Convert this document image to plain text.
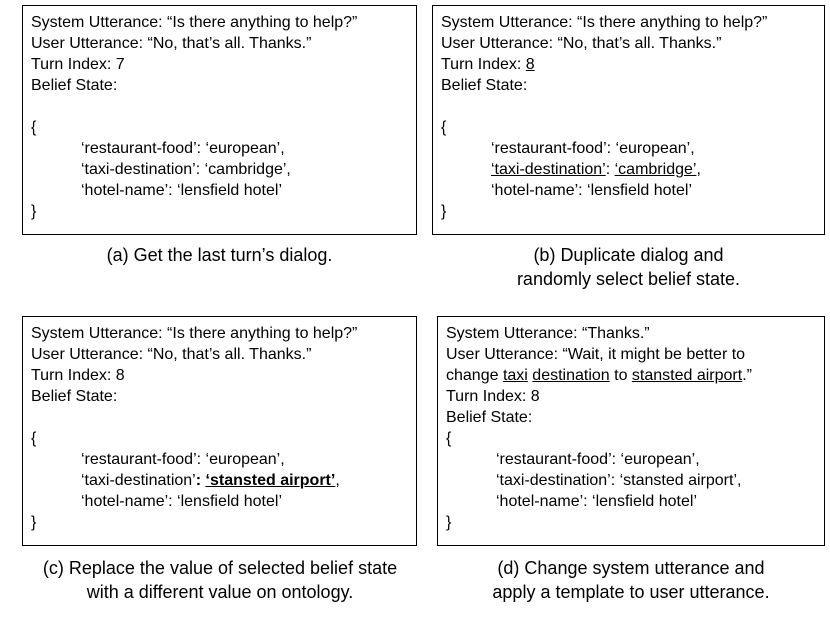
System Utterance: “Is there anything to help?”
User Utterance: “No, that’s all. Thanks.”
Turn Index: 7
Belief State:
{
‘restaurant-food’: ‘european’,
‘taxi-destination’: ‘cambridge’,
‘hotel-name’: ‘lensfield hotel’
}
(a) Get the last turn’s dialog.
System Utterance: “Is there anything to help?”
User Utterance: “No, that’s all. Thanks.”
Turn Index: 8
Belief State:
{
‘restaurant-food’: ‘european’,
‘taxi-destination’: ‘cambridge’,
‘hotel-name’: ‘lensfield hotel’
}
(b) Duplicate dialog and
randomly select belief state.
System Utterance: “Is there anything to help?”
User Utterance: “No, that’s all. Thanks.”
Turn Index: 8
Belief State:
{
‘restaurant-food’: ‘european’,
‘taxi-destination’: ‘stansted airport’,
‘hotel-name’: ‘lensfield hotel’
}
(c) Replace the value of selected belief state
with a different value on ontology.
System Utterance: “Thanks.”
User Utterance: “Wait, it might be better to
change taxi destination to stansted airport.”
Turn Index: 8
Belief State:
{
‘restaurant-food’: ‘european’,
‘taxi-destination’: ‘stansted airport’,
‘hotel-name’: ‘lensfield hotel’
}
(d) Change system utterance and
apply a template to user utterance.
